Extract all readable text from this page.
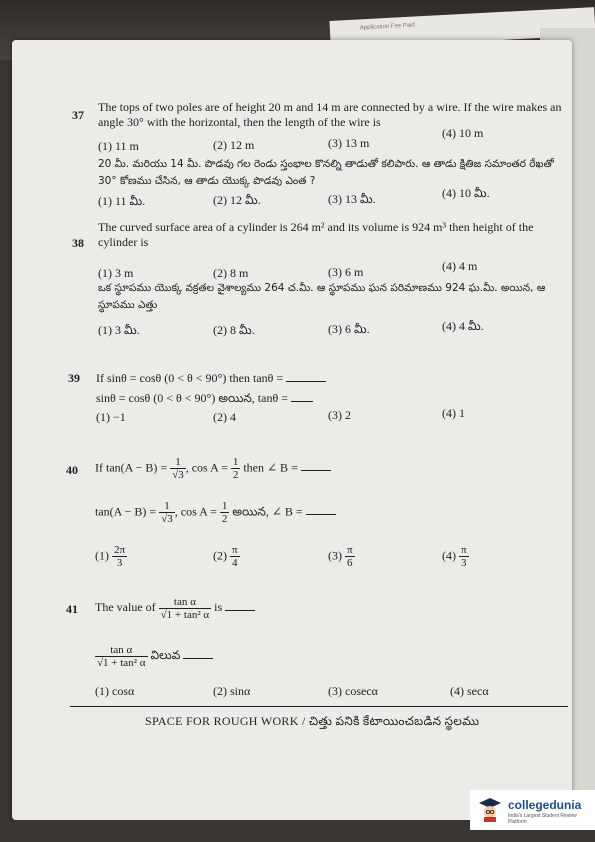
Application Fee Paid
37
The tops of two poles are of height 20 m and 14 m are connected by a wire. If the wire makes an angle 30° with the horizontal, then the length of the wire is
(1) 11 m	(2) 12 m	(3) 13 m
(4) 10 m
20 మీ. మరియు 14 మీ. పొడవు గల రెండు స్తంభాల కొనల్ని తాడుతో కలిపారు. ఆ తాడు క్షితిజ సమాంతర రేఖతో 30° కోణము చేసిన, ఆ తాడు యొక్క పొడవు ఎంత ?
(1) 11 మీ.	(2) 12 మీ.	(3) 13 మీ.	(4) 10 మీ.
38
The curved surface area of a cylinder is 264 m² and its volume is 924 m³ then height of the cylinder is
(1) 3 m	(2) 8 m	(3) 6 m	(4) 4 m
ఒక స్థూపము యొక్క వక్రతల వైశాల్యము 264 చ.మీ. ఆ స్థూపము ఘన పరిమాణము 924 ఘ.మీ. అయిన, ఆ స్థూపము ఎత్తు
(1) 3 మీ.	(2) 8 మీ.	(3) 6 మీ.	(4) 4 మీ.
39 If sinθ = cosθ (0 < θ < 90°) then tanθ =
sinθ = cosθ (0 < θ < 90°) అయిన, tanθ =
(1) −1	(2) 4	(3) 2	(4) 1
40 If $\tan(A - B) = \frac{1}{√3}$ , $\cos A = \frac{1}{2}$ then ∠ B =
$\tan(A - B) = \frac{1}{√3}$ , $\cos A = \frac{1}{2}$ అయిన, ∠ B =
$(1) \frac{2\pi}{3}$	$(2) \frac{\pi}{4}$	$(3) \frac{\pi}{6}$	$(4) \frac{\pi}{3}$
41 The value of $\frac{\text{tan α}}{\text{√1 + tan² α}}$ is
$\frac{\text{tan α}}{\text{√1 + tan² α}}$ విలువ
(1) cosα	(2) sinα	(3) cosecα	(4) secα
SPACE FOR ROUGH WORK / చిత్తు పనికి కేటాయించబడిన స్థలము
collegedunia
India's Largest Student Review Platform
